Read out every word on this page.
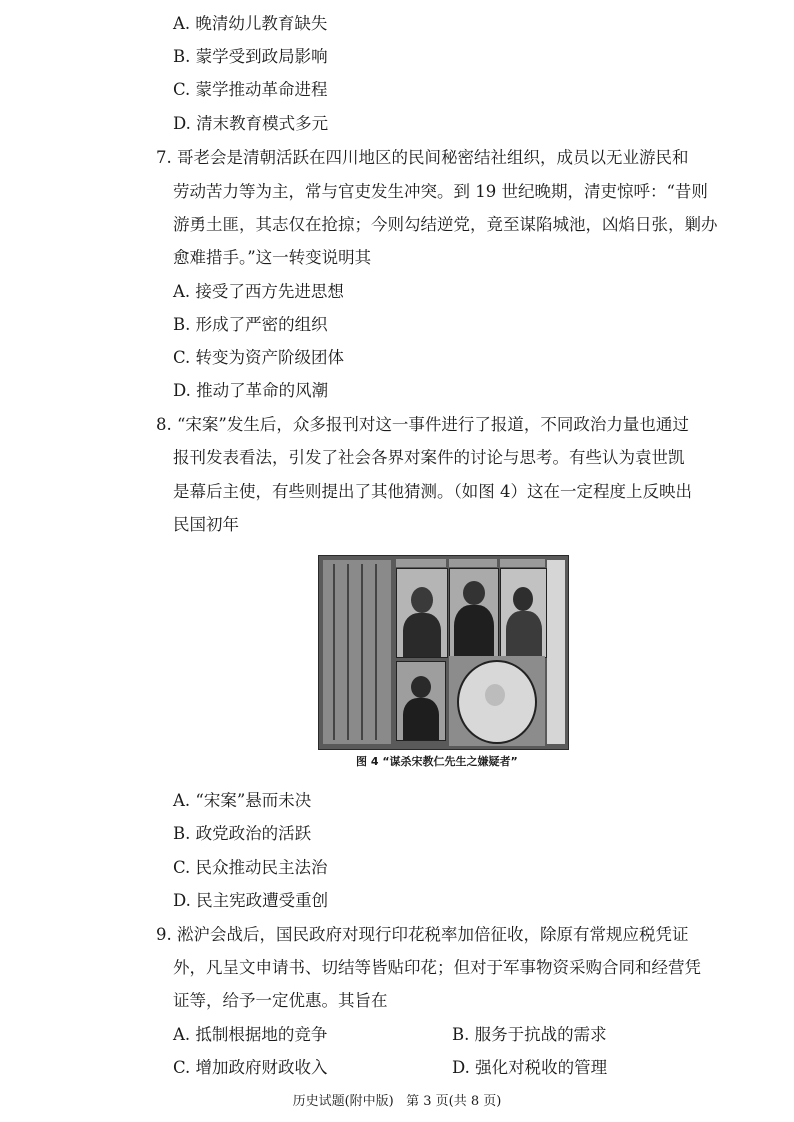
A. 晚清幼儿教育缺失
B. 蒙学受到政局影响
C. 蒙学推动革命进程
D. 清末教育模式多元
7. 哥老会是清朝活跃在四川地区的民间秘密结社组织，成员以无业游民和
劳动苦力等为主，常与官吏发生冲突。到 19 世纪晚期，清吏惊呼：“昔则
游勇土匪，其志仅在抢掠；今则勾结逆党，竟至谋陷城池，凶焰日张，剿办
愈难措手。”这一转变说明其
A. 接受了西方先进思想
B. 形成了严密的组织
C. 转变为资产阶级团体
D. 推动了革命的风潮
8. “宋案”发生后，众多报刊对这一事件进行了报道，不同政治力量也通过
报刊发表看法，引发了社会各界对案件的讨论与思考。有些认为袁世凯
是幕后主使，有些则提出了其他猜测。（如图 4）这在一定程度上反映出
民国初年
图 4 “谋杀宋教仁先生之嫌疑者”
A. “宋案”悬而未决
B. 政党政治的活跃
C. 民众推动民主法治
D. 民主宪政遭受重创
9. 淞沪会战后，国民政府对现行印花税率加倍征收，除原有常规应税凭证
外，凡呈文申请书、切结等皆贴印花；但对于军事物资采购合同和经营凭
证等，给予一定优惠。其旨在
A. 抵制根据地的竞争	B. 服务于抗战的需求
C. 增加政府财政收入	D. 强化对税收的管理
历史试题(附中版)   第 3 页(共 8 页)
